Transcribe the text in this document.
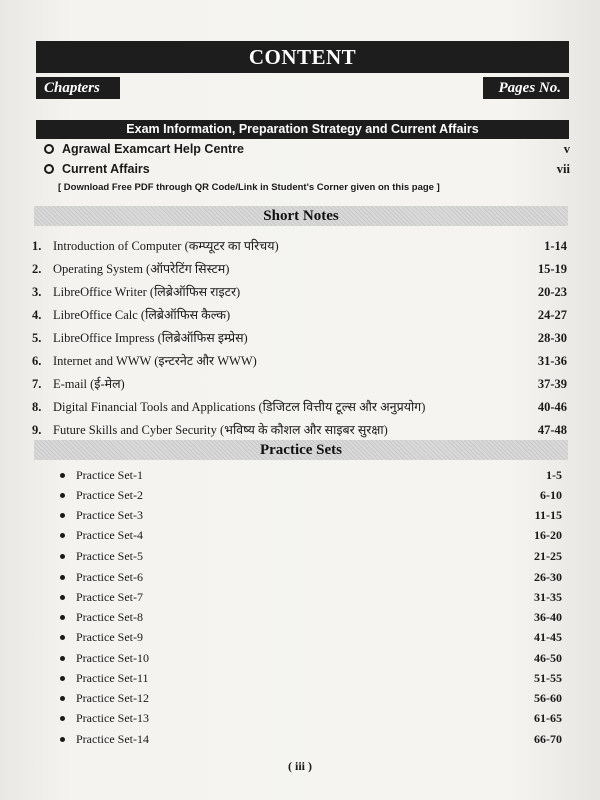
CONTENT
Chapters	Pages No.
Exam Information, Preparation Strategy and Current Affairs
Agrawal Examcart Help Centre	v
Current Affairs	vii
[ Download Free PDF through QR Code/Link in Student's Corner given on this page ]
Short Notes
1. Introduction of Computer (कम्प्यूटर का परिचय)	1-14
2. Operating System (ऑपरेटिंग सिस्टम)	15-19
3. LibreOffice Writer (लिब्रेऑफिस राइटर)	20-23
4. LibreOffice Calc (लिब्रेऑफिस कैल्क)	24-27
5. LibreOffice Impress (लिब्रेऑफिस इम्प्रेस)	28-30
6. Internet and WWW (इन्टरनेट और WWW)	31-36
7. E-mail (ई-मेल)	37-39
8. Digital Financial Tools and Applications (डिजिटल वित्तीय टूल्स और अनुप्रयोग)	40-46
9. Future Skills and Cyber Security (भविष्य के कौशल और साइबर सुरक्षा)	47-48
Practice Sets
Practice Set-1	1-5
Practice Set-2	6-10
Practice Set-3	11-15
Practice Set-4	16-20
Practice Set-5	21-25
Practice Set-6	26-30
Practice Set-7	31-35
Practice Set-8	36-40
Practice Set-9	41-45
Practice Set-10	46-50
Practice Set-11	51-55
Practice Set-12	56-60
Practice Set-13	61-65
Practice Set-14	66-70
( iii )
